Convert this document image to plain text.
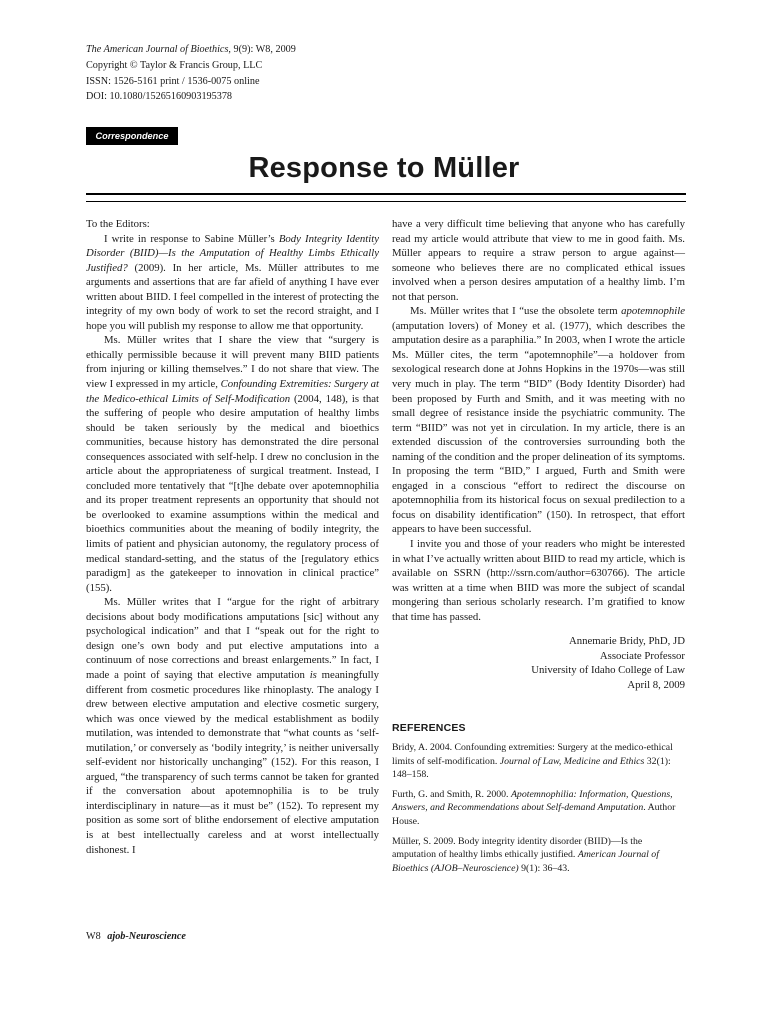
The American Journal of Bioethics, 9(9): W8, 2009
Copyright © Taylor & Francis Group, LLC
ISSN: 1526-5161 print / 1536-0075 online
DOI: 10.1080/15265160903195378
Correspondence
Response to Müller

To the Editors:

I write in response to Sabine Müller’s Body Integrity Identity Disorder (BIID)—Is the Amputation of Healthy Limbs Ethically Justified? (2009). In her article, Ms. Müller attributes to me arguments and assertions that are far afield of anything I have ever written about BIID. I feel compelled in the interest of protecting the integrity of my own body of work to set the record straight, and I hope you will publish my response to allow me that opportunity.

Ms. Müller writes that I share the view that “surgery is ethically permissible because it will prevent many BIID patients from injuring or killing themselves.” I do not share that view. The view I expressed in my article, Confounding Extremities: Surgery at the Medico-ethical Limits of Self-Modification (2004, 148), is that the suffering of people who desire amputation of healthy limbs should be taken seriously by the medical and bioethics communities, because history has demonstrated the dire personal consequences associated with self-help. I drew no conclusion in the article about the appropriateness of surgical treatment. Instead, I concluded more tentatively that “[t]he debate over apotemnophilia and its proper treatment represents an opportunity that should not be overlooked to examine assumptions within the medical and bioethics communities about the meaning of bodily integrity, the limits of patient and physician autonomy, the regulatory process of medical standard-setting, and the status of the [regulatory ethics paradigm] as the gatekeeper to innovation in clinical practice” (155).

Ms. Müller writes that I “argue for the right of arbitrary decisions about body modifications amputations [sic] without any psychological indication” and that I “speak out for the right to design one’s own body and put elective amputations into a continuum of nose corrections and breast enlargements.” In fact, I made a point of saying that elective amputation is meaningfully different from cosmetic procedures like rhinoplasty. The analogy I drew between elective amputation and elective cosmetic surgery, which was once viewed by the medical establishment as bodily mutilation, was intended to demonstrate that “what counts as ‘self-mutilation,’ or conversely as ‘bodily integrity,’ is neither universally self-evident nor historically unchanging” (152). For this reason, I argued, “the transparency of such terms cannot be taken for granted if the conversation about apotemnophilia is to be truly interdisciplinary in nature—as it must be” (152). To represent my position as some sort of blithe endorsement of elective amputation is at best intellectually careless and at worst intellectually dishonest. I

have a very difficult time believing that anyone who has carefully read my article would attribute that view to me in good faith. Ms. Müller appears to require a straw person to argue against—someone who believes there are no complicated ethical issues involved when a person desires amputation of a healthy limb. I’m not that person.

Ms. Müller writes that I “use the obsolete term apotemnophile (amputation lovers) of Money et al. (1977), which describes the amputation desire as a paraphilia.” In 2003, when I wrote the article Ms. Müller cites, the term “apotemnophile”—a holdover from sexological research done at Johns Hopkins in the 1970s—was still very much in play. The term “BID” (Body Identity Disorder) had been proposed by Furth and Smith, and it was meeting with no small degree of resistance inside the psychiatric community. The term “BIID” was not yet in circulation. In my article, there is an extended discussion of the controversies surrounding both the naming of the condition and the proper delineation of its symptoms. In proposing the term “BID,” I argued, Furth and Smith were engaged in a conscious “effort to redirect the discourse on apotemnophilia from its historical focus on sexual predilection to a focus on disability identification” (150). In retrospect, that effort appears to have been successful.

I invite you and those of your readers who might be interested in what I’ve actually written about BIID to read my article, which is available on SSRN (http://ssrn.com/author=630766). The article was written at a time when BIID was more the subject of scandal mongering than serious scholarly research. I’m gratified to know that time has passed.

Annemarie Bridy, PhD, JD
Associate Professor
University of Idaho College of Law
April 8, 2009
REFERENCES
Bridy, A. 2004. Confounding extremities: Surgery at the medico-ethical limits of self-modification. Journal of Law, Medicine and Ethics 32(1): 148–158.
Furth, G. and Smith, R. 2000. Apotemnophilia: Information, Questions, Answers, and Recommendations about Self-demand Amputation. Author House.
Müller, S. 2009. Body integrity identity disorder (BIID)—Is the amputation of healthy limbs ethically justified. American Journal of Bioethics (AJOB–Neuroscience) 9(1): 36–43.
W8 ajob-Neuroscience
